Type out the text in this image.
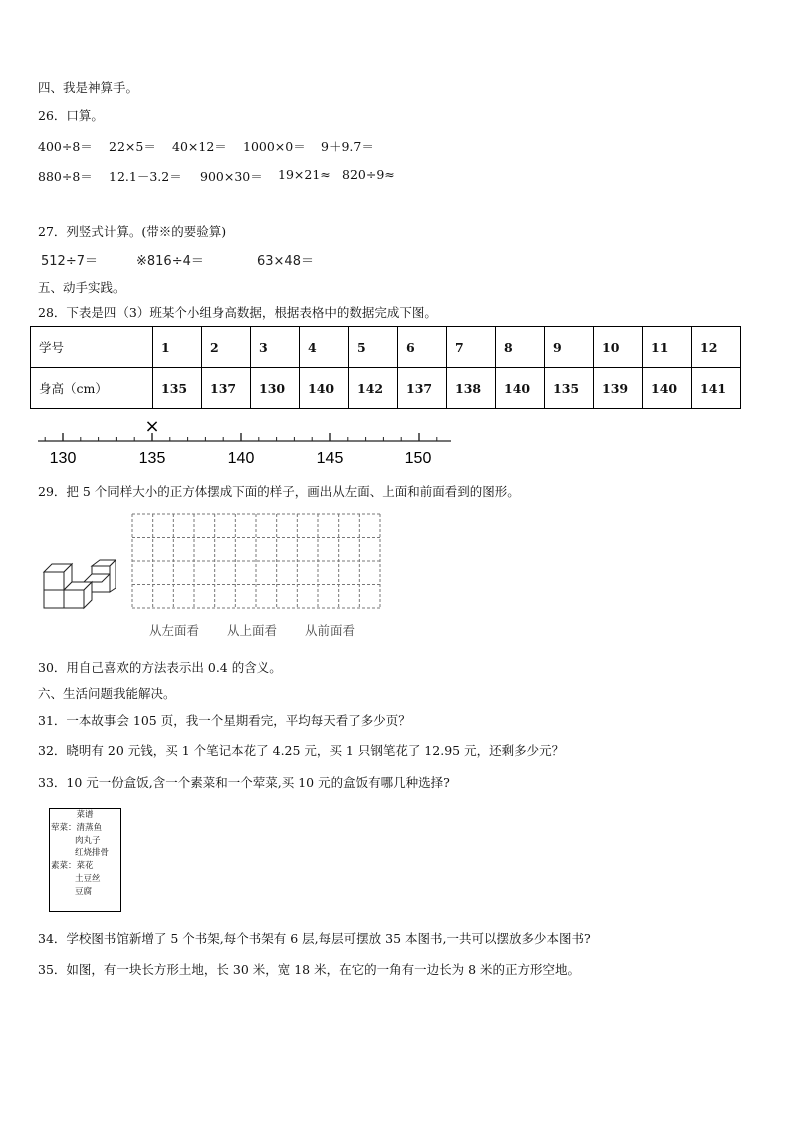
四、我是神算手。
26．口算。
400÷8＝ 22×5＝ 40×12＝ 1000×0＝ 9＋9.7＝
880÷8＝ 12.1－3.2＝ 900×30＝ 19×21≈ 820÷9≈
27．列竖式计算。(带※的要验算)
512÷7＝	※816÷4＝	63×48＝
五、动手实践。
28．下表是四（3）班某个小组身高数据，根据表格中的数据完成下图。
学号	1	2	3	4	5	6	7	8	9	10	11	12
身高（cm）	135	137	130	140	142	137	138	140	135	139	140	141
×
130	135	140	145	150
29．把 5 个同样大小的正方体摆成下面的样子，画出从左面、上面和前面看到的图形。
从左面看 从上面看 从前面看
30．用自己喜欢的方法表示出 0.4 的含义。
六、生活问题我能解决。
31．一本故事会 105 页，我一个星期看完，平均每天看了多少页？
32．晓明有 20 元钱，买 1 个笔记本花了 4.25 元，买 1 只钢笔花了 12.95 元，还剩多少元？
33．10 元一份盒饭,含一个素菜和一个荤菜,买 10 元的盒饭有哪几种选择?
菜谱
荤菜：清蒸鱼
肉丸子
红烧排骨
素菜：菜花
土豆丝
豆腐
34．学校图书馆新增了 5 个书架,每个书架有 6 层,每层可摆放 35 本图书,一共可以摆放多少本图书?
35．如图，有一块长方形土地，长 30 米，宽 18 米，在它的一角有一边长为 8 米的正方形空地。
